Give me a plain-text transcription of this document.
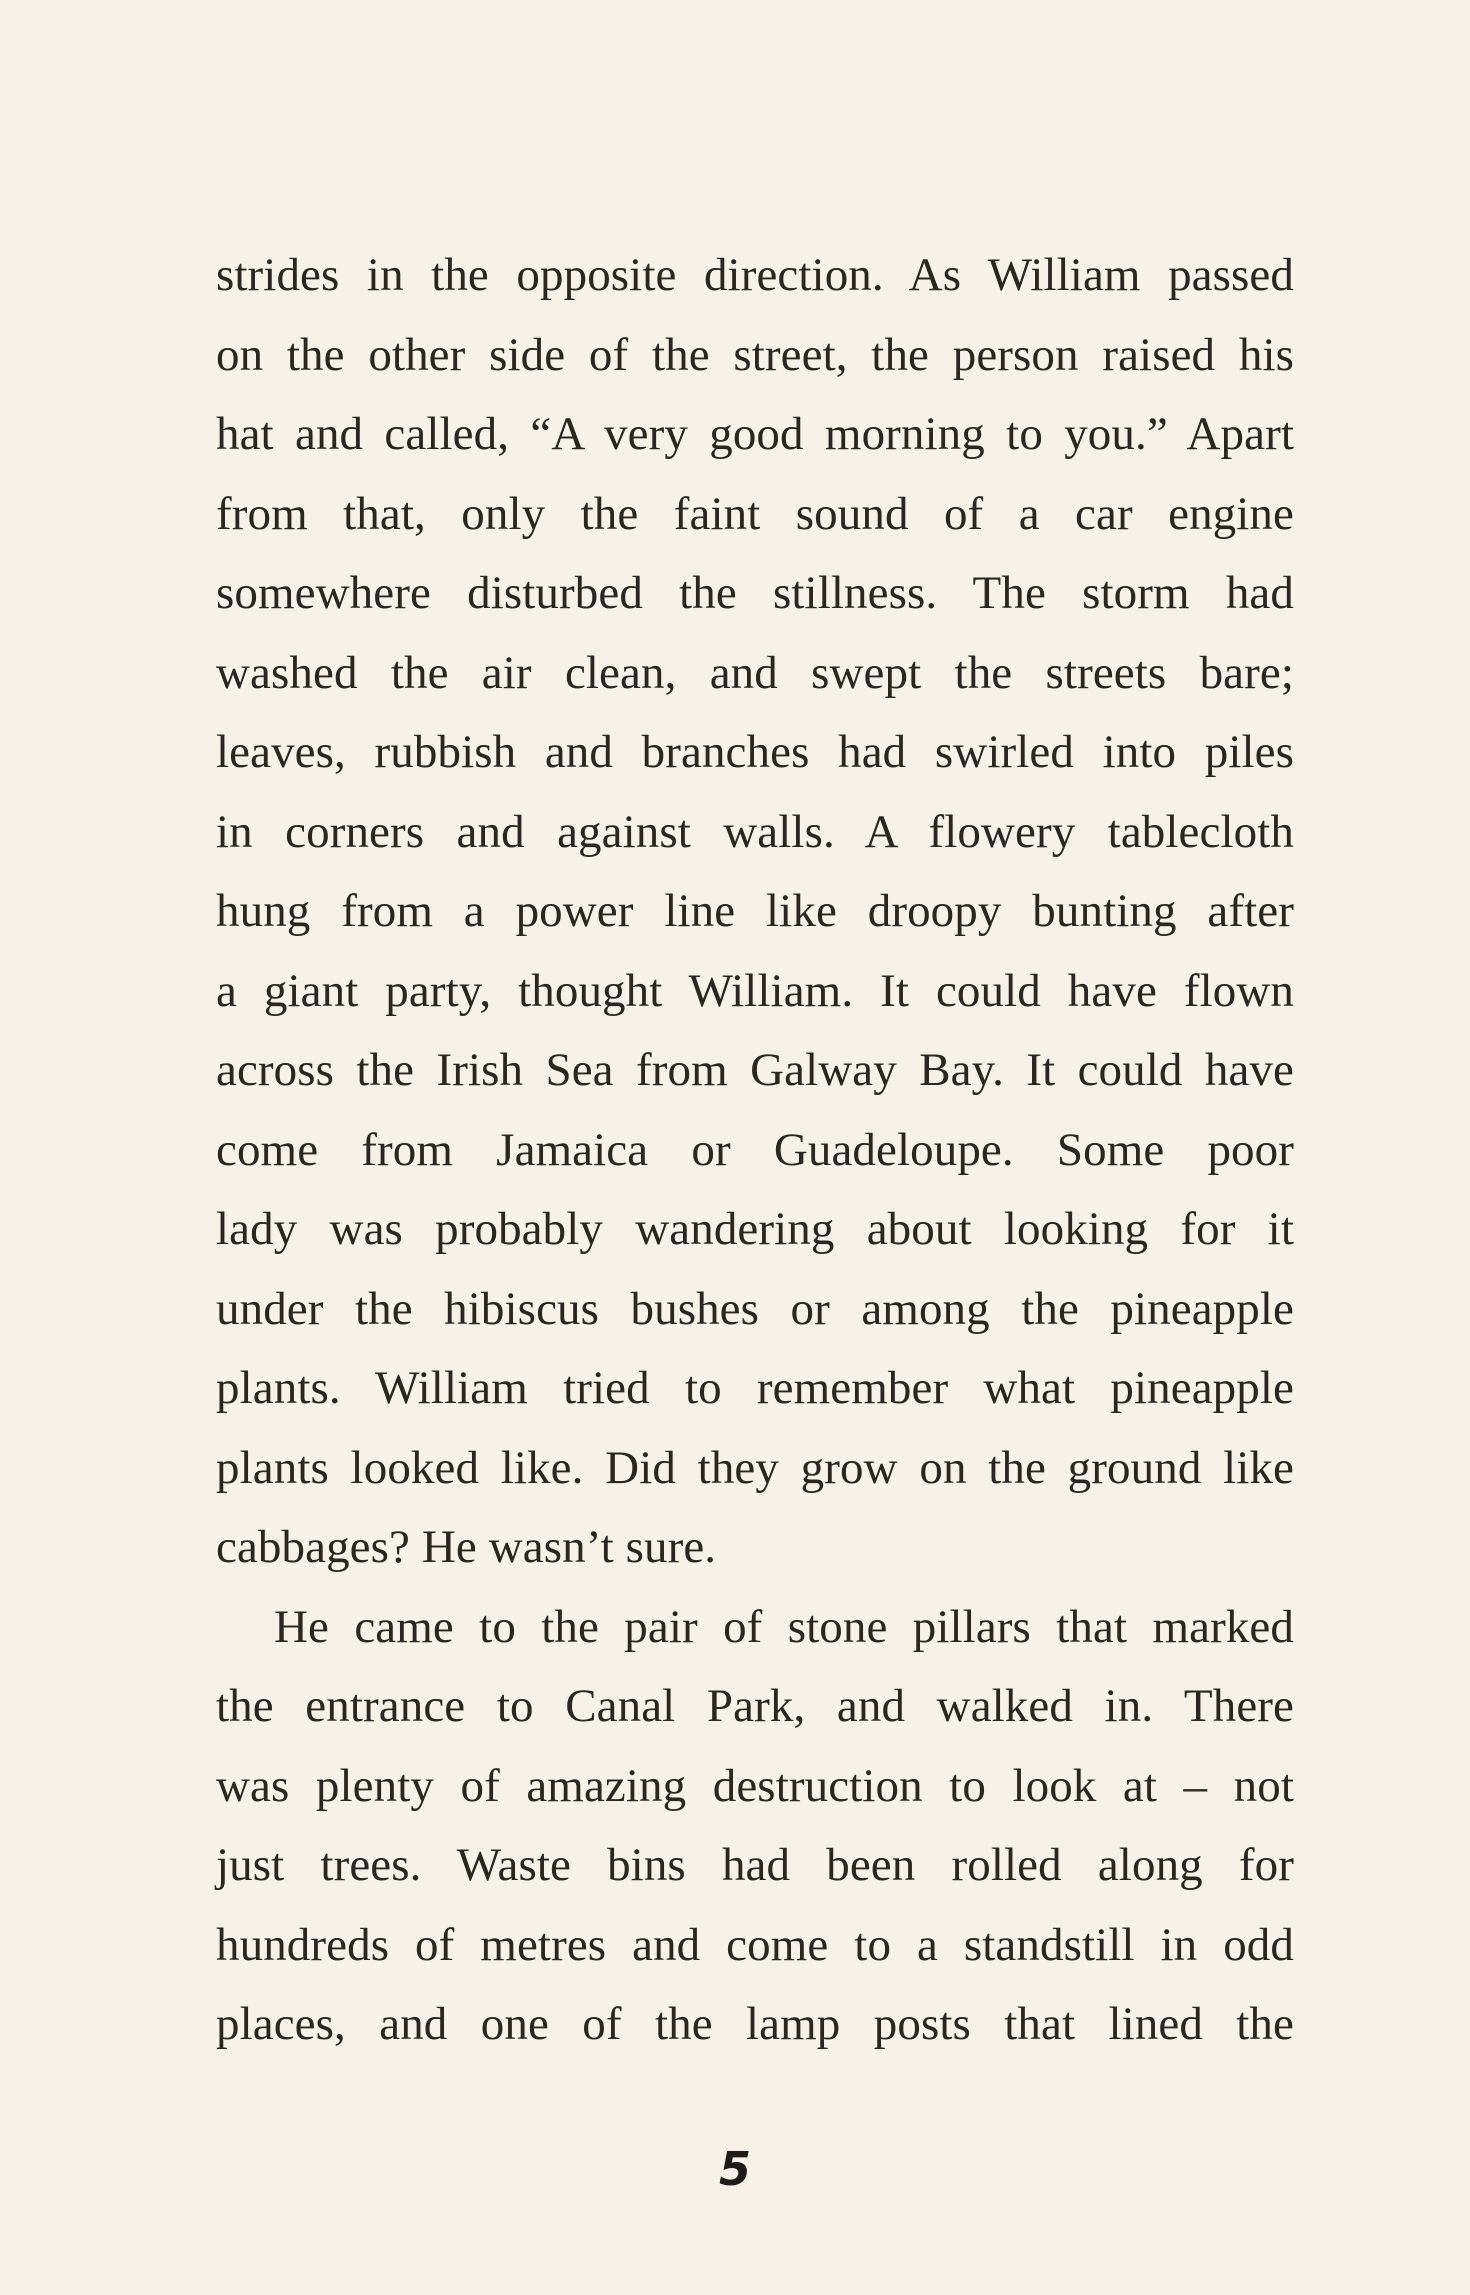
strides in the opposite direction. As William passed
on the other side of the street, the person raised his
hat and called, “A very good morning to you.” Apart
from that, only the faint sound of a car engine
somewhere disturbed the stillness. The storm had
washed the air clean, and swept the streets bare;
leaves, rubbish and branches had swirled into piles
in corners and against walls. A flowery tablecloth
hung from a power line like droopy bunting after
a giant party, thought William. It could have flown
across the Irish Sea from Galway Bay. It could have
come from Jamaica or Guadeloupe. Some poor
lady was probably wandering about looking for it
under the hibiscus bushes or among the pineapple
plants. William tried to remember what pineapple
plants looked like. Did they grow on the ground like
cabbages? He wasn’t sure.
He came to the pair of stone pillars that marked
the entrance to Canal Park, and walked in. There
was plenty of amazing destruction to look at – not
just trees. Waste bins had been rolled along for
hundreds of metres and come to a standstill in odd
places, and one of the lamp posts that lined the
5
